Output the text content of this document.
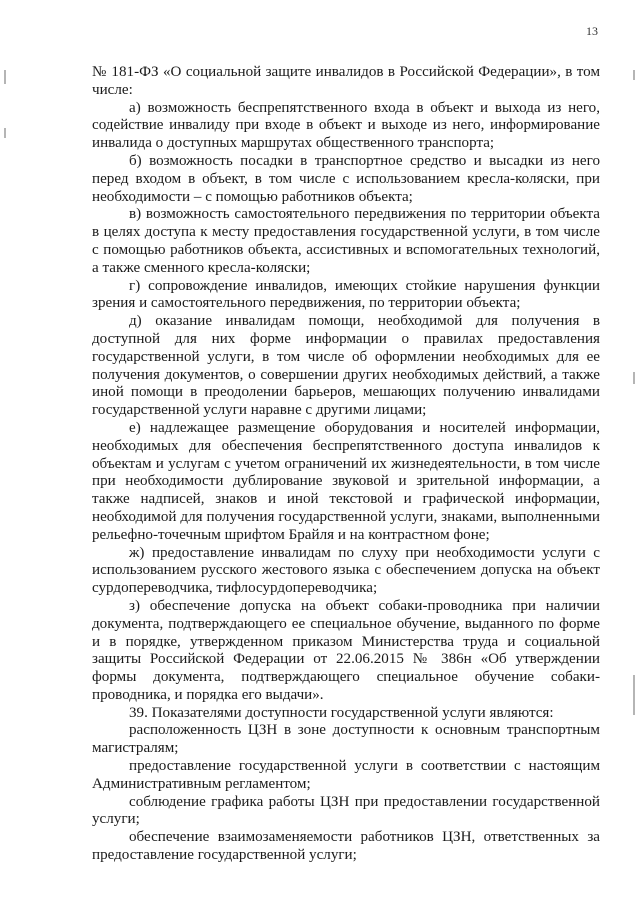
13

№ 181-ФЗ «О социальной защите инвалидов в Российской Федерации», в том числе:

а) возможность беспрепятственного входа в объект и выхода из него, содействие инвалиду при входе в объект и выходе из него, информирование инвалида о доступных маршрутах общественного транспорта;

б) возможность посадки в транспортное средство и высадки из него перед входом в объект, в том числе с использованием кресла-коляски, при необходимости – с помощью работников объекта;

в) возможность самостоятельного передвижения по территории объекта в целях доступа к месту предоставления государственной услуги, в том числе с помощью работников объекта, ассистивных и вспомогательных технологий, а также сменного кресла-коляски;

г) сопровождение инвалидов, имеющих стойкие нарушения функции зрения и самостоятельного передвижения, по территории объекта;

д) оказание инвалидам помощи, необходимой для получения в доступной для них форме информации о правилах предоставления государственной услуги, в том числе об оформлении необходимых для ее получения документов, о совершении других необходимых действий, а также иной помощи в преодолении барьеров, мешающих получению инвалидами государственной услуги наравне с другими лицами;

е) надлежащее размещение оборудования и носителей информации, необходимых для обеспечения беспрепятственного доступа инвалидов к объектам и услугам с учетом ограничений их жизнедеятельности, в том числе при необходимости дублирование звуковой и зрительной информации, а также надписей, знаков и иной текстовой и графической информации, необходимой для получения государственной услуги, знаками, выполненными рельефно-точечным шрифтом Брайля и на контрастном фоне;

ж) предоставление инвалидам по слуху при необходимости услуги с использованием русского жестового языка с обеспечением допуска на объект сурдопереводчика, тифлосурдопереводчика;

з) обеспечение допуска на объект собаки-проводника при наличии документа, подтверждающего ее специальное обучение, выданного по форме и в порядке, утвержденном приказом Министерства труда и социальной защиты Российской Федерации от 22.06.2015 № 386н «Об утверждении формы документа, подтверждающего специальное обучение собаки-проводника, и порядка его выдачи».

39. Показателями доступности государственной услуги являются:

расположенность ЦЗН в зоне доступности к основным транспортным магистралям;

предоставление государственной услуги в соответствии с настоящим Административным регламентом;

соблюдение графика работы ЦЗН при предоставлении государственной услуги;

обеспечение взаимозаменяемости работников ЦЗН, ответственных за предоставление государственной услуги;
